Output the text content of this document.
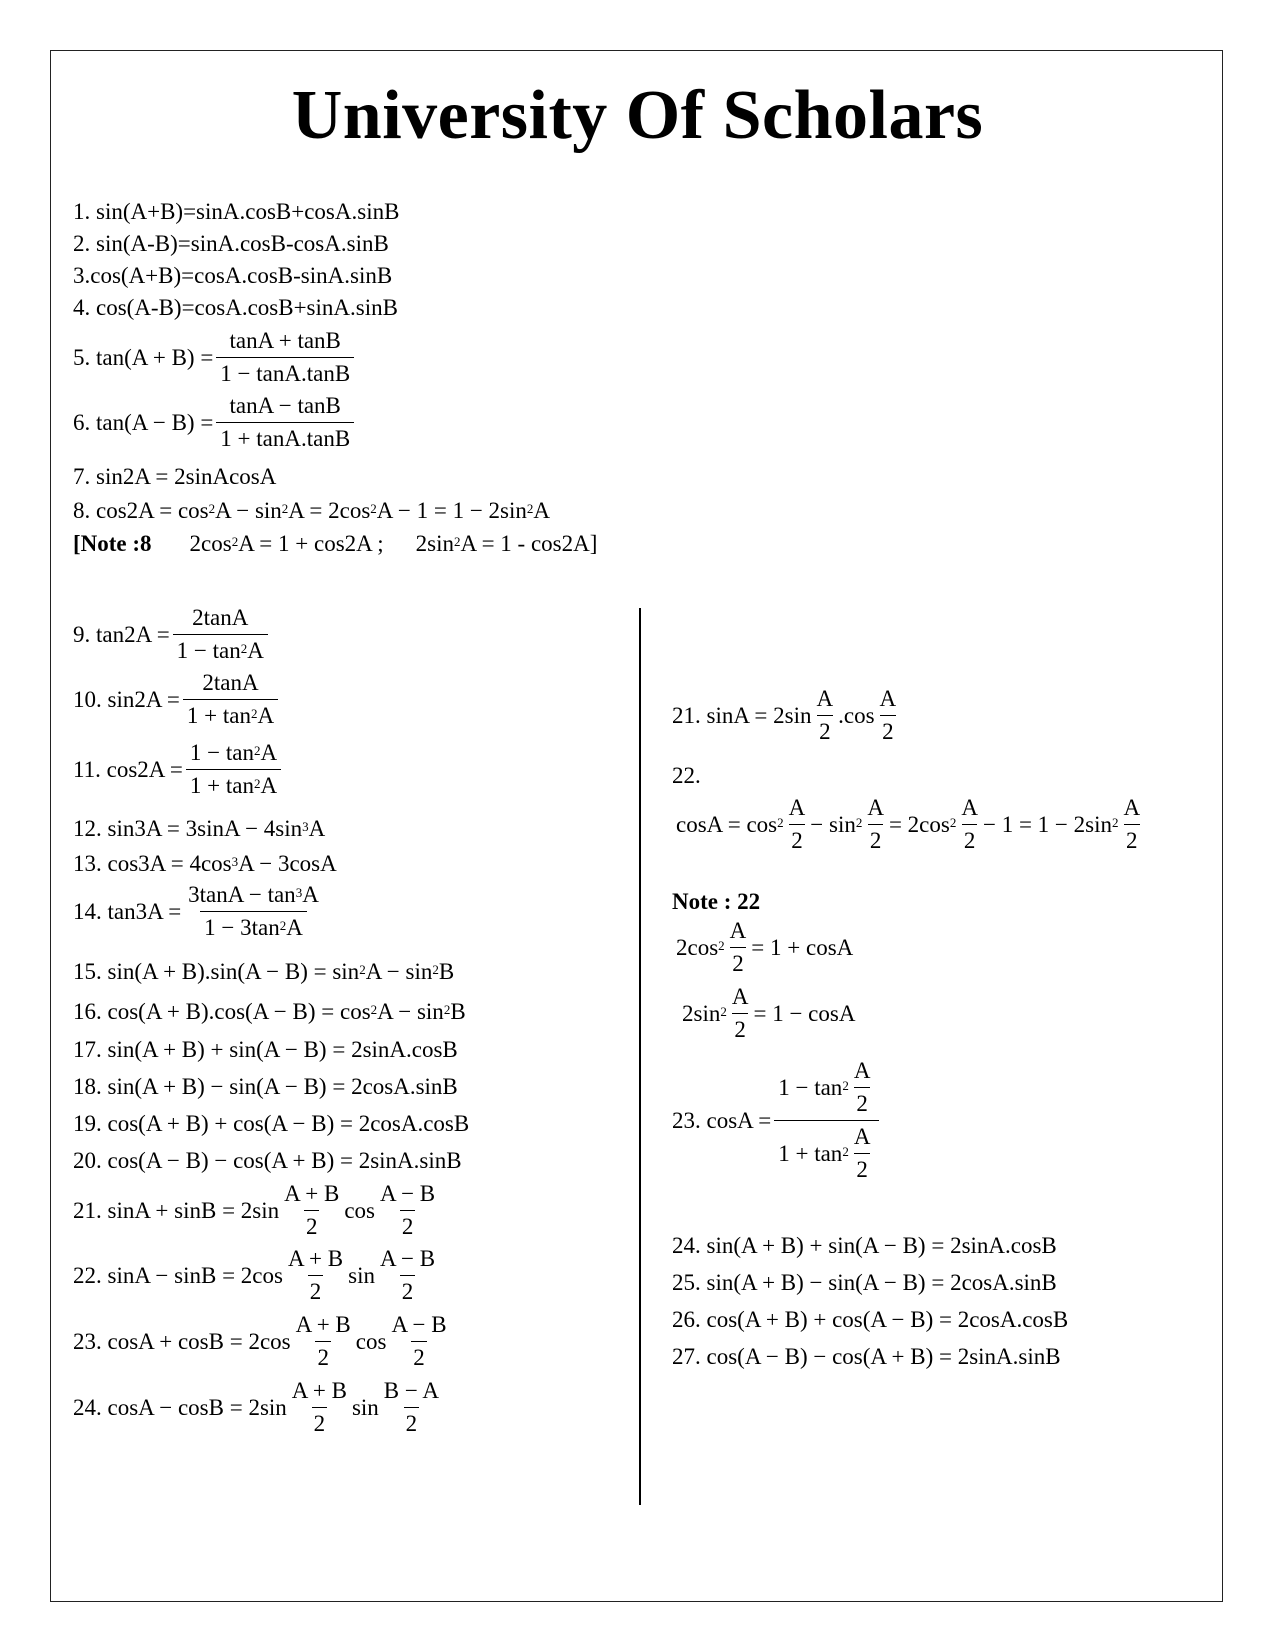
University Of Scholars
1. sin(A+B)=sinA.cosB+cosA.sinB
2. sin(A-B)=sinA.cosB-cosA.sinB
3.cos(A+B)=cosA.cosB-sinA.sinB
4. cos(A-B)=cosA.cosB+sinA.sinB
5. $\tan(A + B) = \frac{\tan A + \tan B}{1 - \tan A.\tan B}$
6. $\tan(A - B) = \frac{\tan A - \tan B}{1 + \tan A.\tan B}$
7. sin2A = 2sinAcosA
8. $\cos 2A = \cos^2A - \sin^2A = 2\cos^2A - 1 = 1 - 2\sin^2A$
[Note :8 $2\cos^2A = 1 + \cos 2A$ ; $2\sin^2A = 1 - \cos 2A$]
9. $\tan 2A = \frac{2\tan A}{1 - \tan^2A}$
10. $\sin 2A = \frac{2\tan A}{1 + \tan^2A}$
11. $\cos 2A = \frac{1 - \tan^2A}{1 + \tan^2A}$
12. $\sin 3A = 3\sin A - 4\sin^3A$
13. $\cos 3A = 4\cos^3A - 3\cos A$
14. $\tan 3A = \frac{3\tan A - \tan^3A}{1 - 3\tan^2A}$
15. $\sin(A + B).\sin(A - B) = \sin^2A - \sin^2B$
16. $\cos(A + B).\cos(A - B) = \cos^2A - \sin^2B$
17. sin(A + B) + sin(A − B) = 2sinA.cosB
18. sin(A + B) − sin(A − B) = 2cosA.sinB
19. cos(A + B) + cos(A − B) = 2cosA.cosB
20. cos(A − B) − cos(A + B) = 2sinA.sinB
21. $\sin A + \sin B = 2\sin \frac{A + B}{2}$ $\cos \frac{A - B}{2}$
22. $\sin A - \sin B = 2\cos \frac{A + B}{2}$ $\sin \frac{A - B}{2}$
23. $\cos A + \cos B = 2\cos \frac{A + B}{2}$ $\cos \frac{A - B}{2}$
24. $\cos A - \cos B = 2\sin \frac{A + B}{2}$ $\sin \frac{B - A}{2}$
21. $\sin A = 2\sin \frac{A}{2} .\cos \frac{A}{2}$
22.
$\cos A = \cos^2 \frac{A}{2} - \sin^2 \frac{A}{2} = 2\cos^2 \frac{A}{2} - 1 = 1 - 2\sin^2 \frac{A}{2}$
Note : 22
$2\cos^2 \frac{A}{2} = 1 + \cos A$
$2\sin^2 \frac{A}{2} = 1 - \cos A$
23. $\cos A = \frac{1 - \tan^2 \frac{A}{2}}{1 + \tan^2 \frac{A}{2}}$
24. sin(A + B) + sin(A − B) = 2sinA.cosB
25. sin(A + B) − sin(A − B) = 2cosA.sinB
26. cos(A + B) + cos(A − B) = 2cosA.cosB
27. cos(A − B) − cos(A + B) = 2sinA.sinB
